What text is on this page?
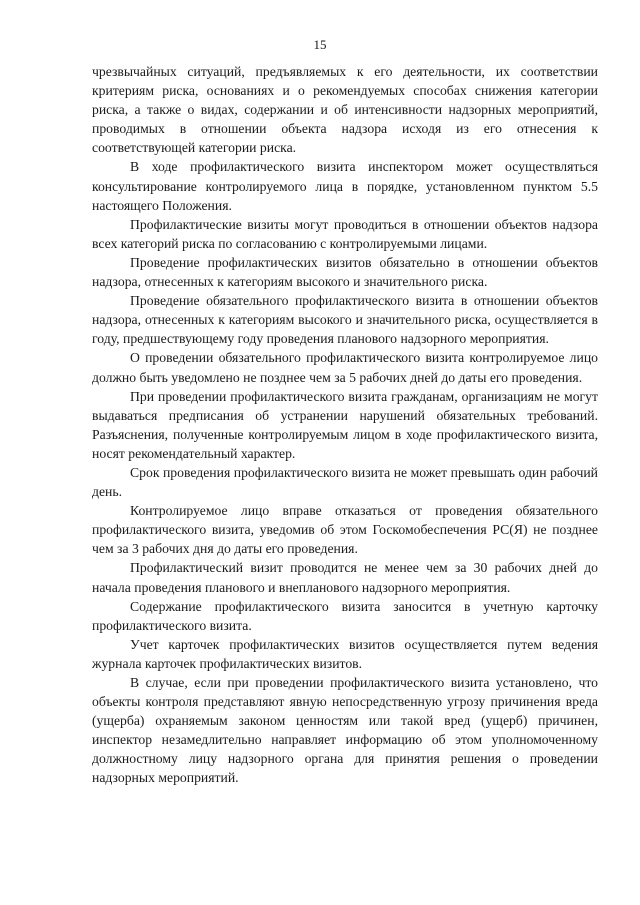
15

чрезвычайных ситуаций, предъявляемых к его деятельности, их соответствии критериям риска, основаниях и о рекомендуемых способах снижения категории риска, а также о видах, содержании и об интенсивности надзорных мероприятий, проводимых в отношении объекта надзора исходя из его отнесения к соответствующей категории риска.

В ходе профилактического визита инспектором может осуществляться консультирование контролируемого лица в порядке, установленном пунктом 5.5 настоящего Положения.

Профилактические визиты могут проводиться в отношении объектов надзора всех категорий риска по согласованию с контролируемыми лицами.

Проведение профилактических визитов обязательно в отношении объектов надзора, отнесенных к категориям высокого и значительного риска.

Проведение обязательного профилактического визита в отношении объектов надзора, отнесенных к категориям высокого и значительного риска, осуществляется в году, предшествующему году проведения планового надзорного мероприятия.

О проведении обязательного профилактического визита контролируемое лицо должно быть уведомлено не позднее чем за 5 рабочих дней до даты его проведения.

При проведении профилактического визита гражданам, организациям не могут выдаваться предписания об устранении нарушений обязательных требований. Разъяснения, полученные контролируемым лицом в ходе профилактического визита, носят рекомендательный характер.

Срок проведения профилактического визита не может превышать один рабочий день.

Контролируемое лицо вправе отказаться от проведения обязательного профилактического визита, уведомив об этом Госкомобеспечения РС(Я) не позднее чем за 3 рабочих дня до даты его проведения.

Профилактический визит проводится не менее чем за 30 рабочих дней до начала проведения планового и внепланового надзорного мероприятия.

Содержание профилактического визита заносится в учетную карточку профилактического визита.

Учет карточек профилактических визитов осуществляется путем ведения журнала карточек профилактических визитов.

В случае, если при проведении профилактического визита установлено, что объекты контроля представляют явную непосредственную угрозу причинения вреда (ущерба) охраняемым законом ценностям или такой вред (ущерб) причинен, инспектор незамедлительно направляет информацию об этом уполномоченному должностному лицу надзорного органа для принятия решения о проведении надзорных мероприятий.
